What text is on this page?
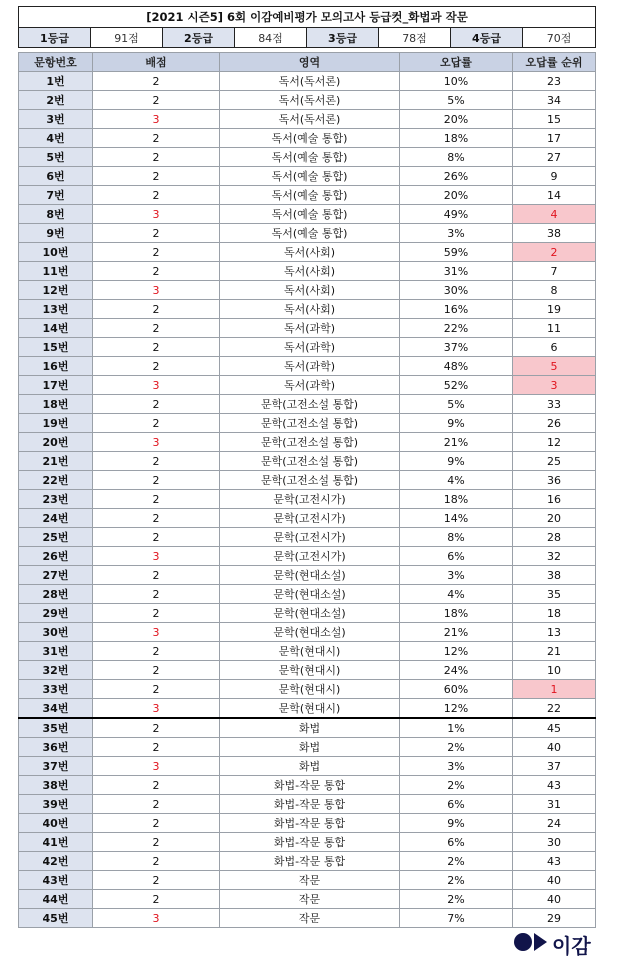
[2021 시즌5] 6회 이감예비평가 모의고사 등급컷_화법과 작문
1등급	91점	2등급	84점	3등급	78점	4등급	70점
문항번호	배점	영역	오답률	오답률 순위
1번	2	독서(독서론)	10%	23
2번	2	독서(독서론)	5%	34
3번	3	독서(독서론)	20%	15
4번	2	독서(예술 통합)	18%	17
5번	2	독서(예술 통합)	8%	27
6번	2	독서(예술 통합)	26%	9
7번	2	독서(예술 통합)	20%	14
8번	3	독서(예술 통합)	49%	4
9번	2	독서(예술 통합)	3%	38
10번	2	독서(사회)	59%	2
11번	2	독서(사회)	31%	7
12번	3	독서(사회)	30%	8
13번	2	독서(사회)	16%	19
14번	2	독서(과학)	22%	11
15번	2	독서(과학)	37%	6
16번	2	독서(과학)	48%	5
17번	3	독서(과학)	52%	3
18번	2	문학(고전소설 통합)	5%	33
19번	2	문학(고전소설 통합)	9%	26
20번	3	문학(고전소설 통합)	21%	12
21번	2	문학(고전소설 통합)	9%	25
22번	2	문학(고전소설 통합)	4%	36
23번	2	문학(고전시가)	18%	16
24번	2	문학(고전시가)	14%	20
25번	2	문학(고전시가)	8%	28
26번	3	문학(고전시가)	6%	32
27번	2	문학(현대소설)	3%	38
28번	2	문학(현대소설)	4%	35
29번	2	문학(현대소설)	18%	18
30번	3	문학(현대소설)	21%	13
31번	2	문학(현대시)	12%	21
32번	2	문학(현대시)	24%	10
33번	2	문학(현대시)	60%	1
34번	3	문학(현대시)	12%	22
35번	2	화법	1%	45
36번	2	화법	2%	40
37번	3	화법	3%	37
38번	2	화법-작문 통합	2%	43
39번	2	화법-작문 통합	6%	31
40번	2	화법-작문 통합	9%	24
41번	2	화법-작문 통합	6%	30
42번	2	화법-작문 통합	2%	43
43번	2	작문	2%	40
44번	2	작문	2%	40
45번	3	작문	7%	29
이감
